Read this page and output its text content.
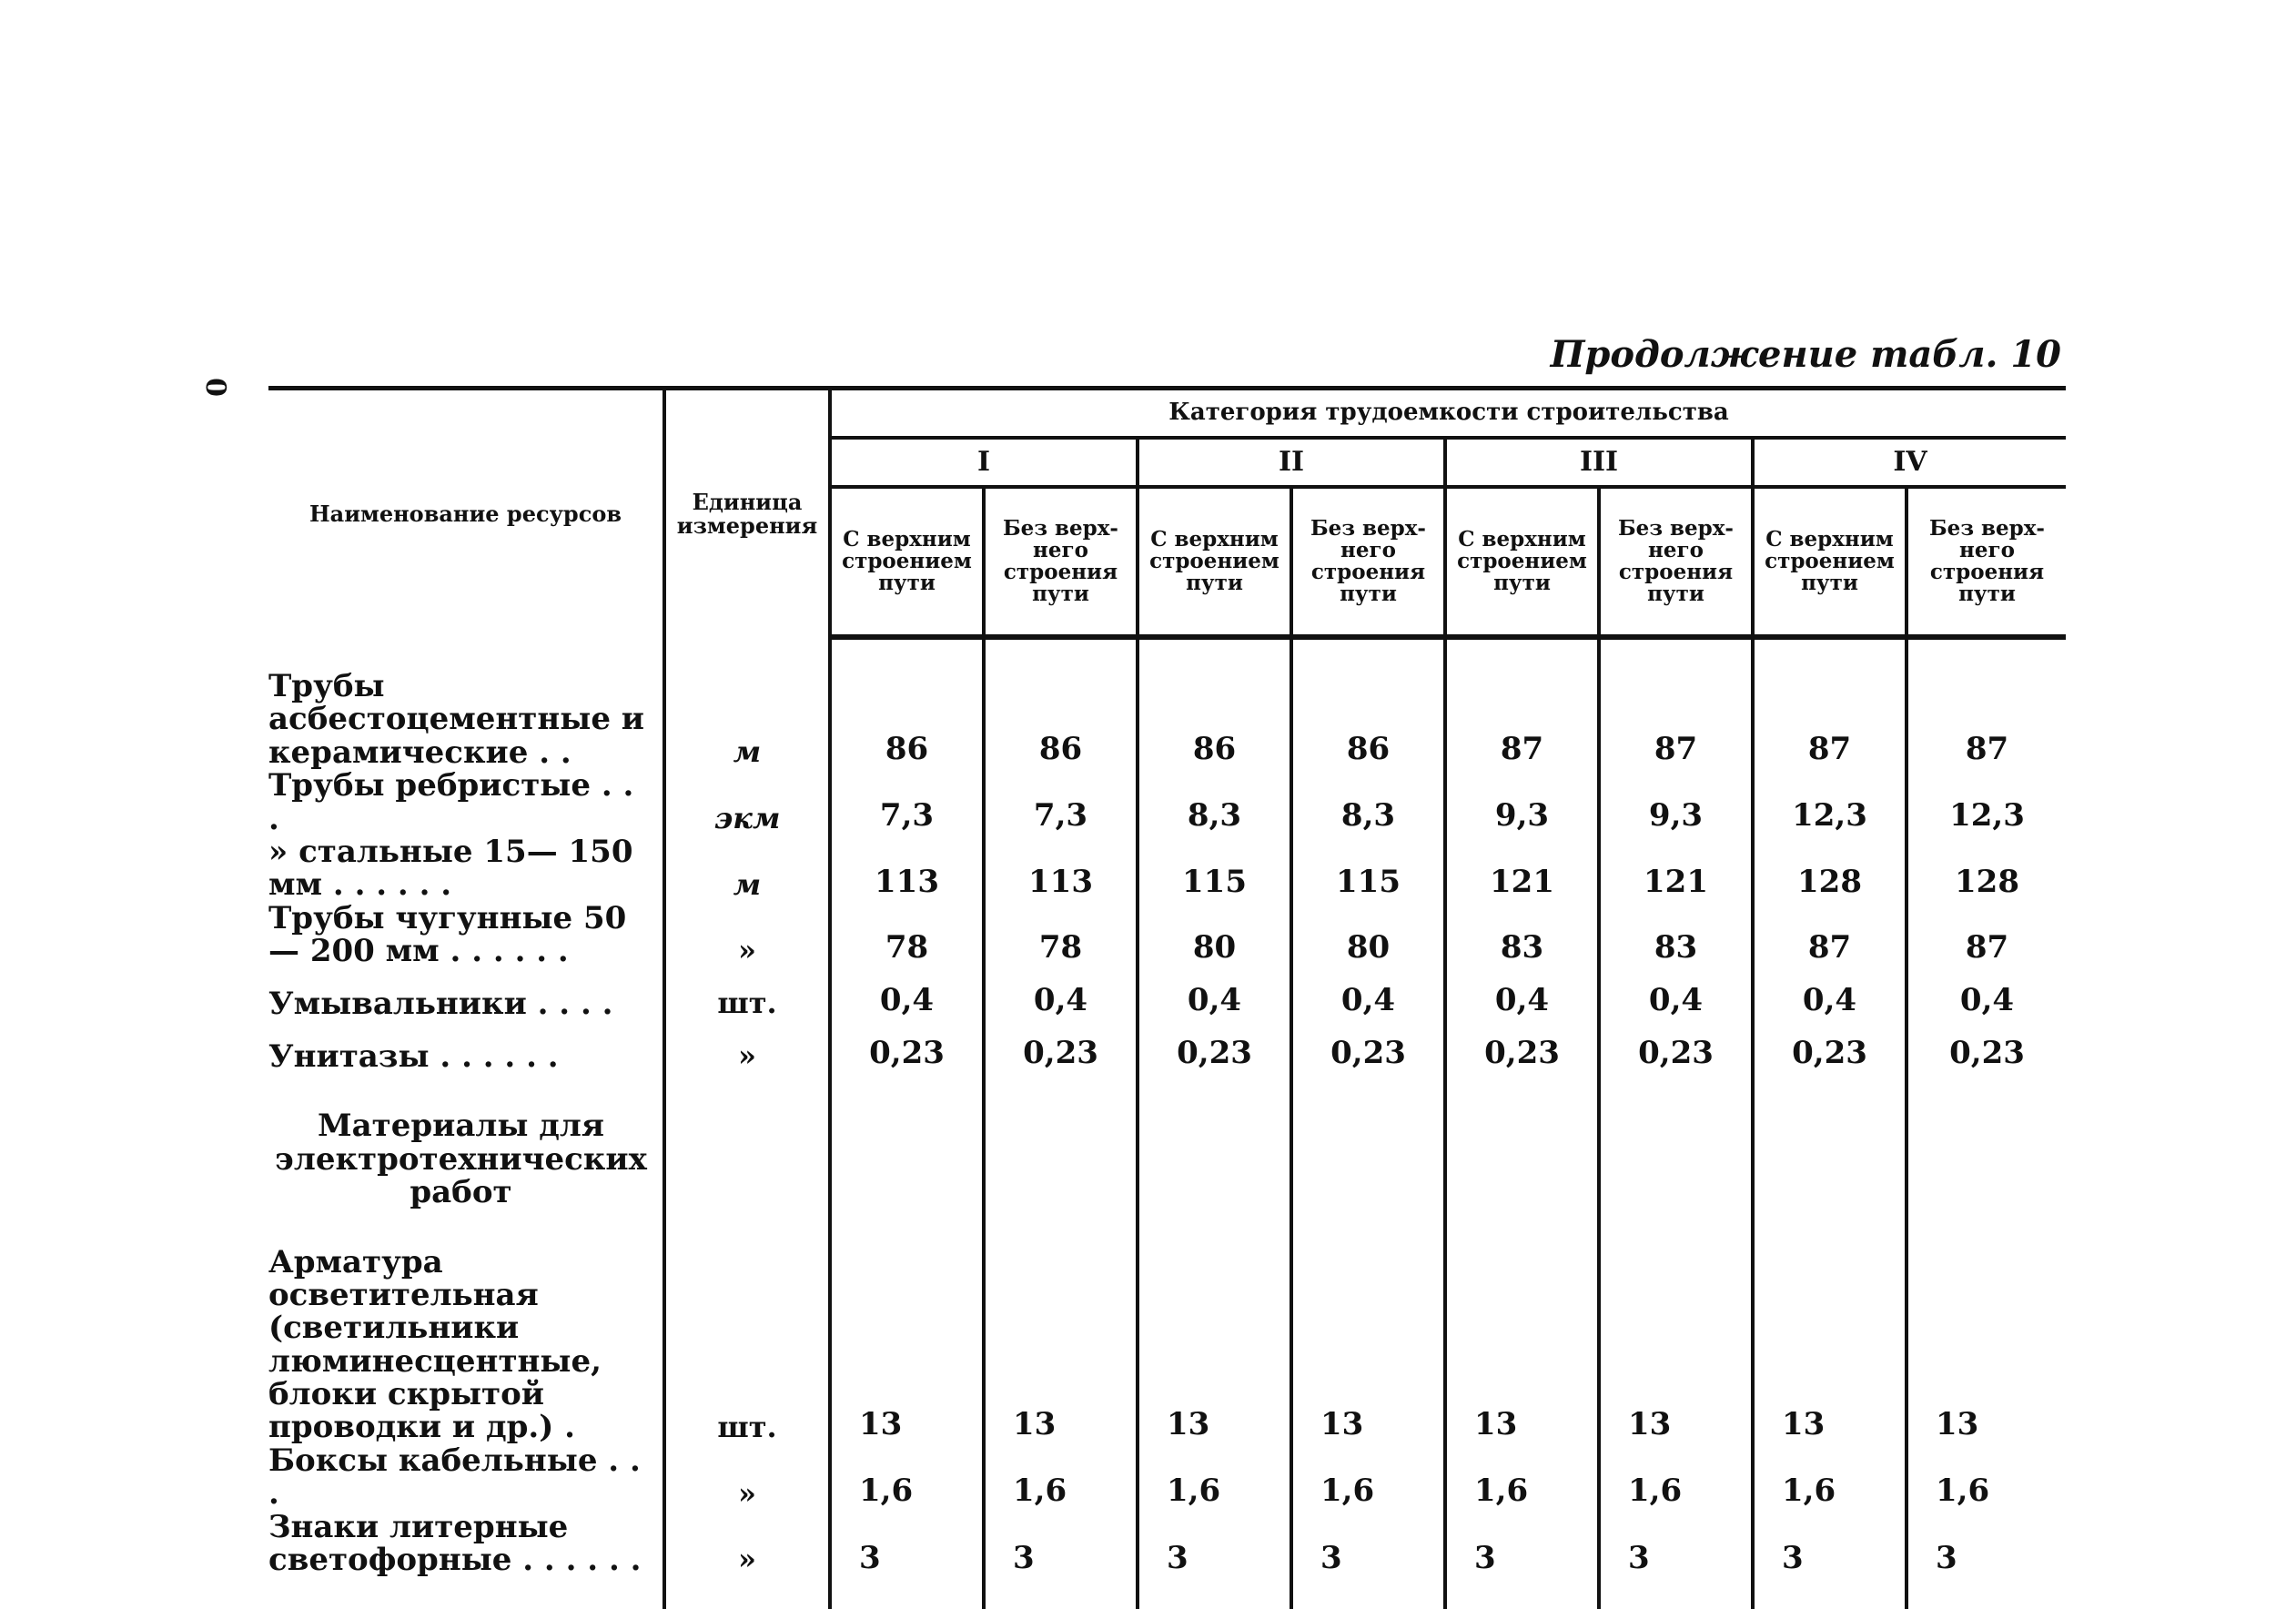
0
Продолжение табл. 10
Наименование ресурсов	Единица измерения	Категория трудоемкости строительства							
		I		II		III		IV	
		С верхним строением пути	Без верх- него строения пути	С верхним строением пути	Без верх- него строения пути	С верхним строением пути	Без верх- него строения пути	С верхним строением пути	Без верх- него строения пути
Трубы асбестоцементные и керамические . .	м	86	86	86	86	87	87	87	87
Трубы ребристые . . .	экм	7,3	7,3	8,3	8,3	9,3	9,3	12,3	12,3
» стальные 15— 150 мм . . . . . .	м	113	113	115	115	121	121	128	128
Трубы чугунные 50— 200 мм . . . . . .	»	78	78	80	80	83	83	87	87
Умывальники . . . .	шт.	0,4	0,4	0,4	0,4	0,4	0,4	0,4	0,4
Унитазы . . . . . .	»	0,23	0,23	0,23	0,23	0,23	0,23	0,23	0,23
Материалы для электротехнических работ									
Арматура осветительная (светильники люминесцентные, блоки скрытой проводки и др.) .	шт.	13	13	13	13	13	13	13	13
Боксы кабельные . . .	»	1,6	1,6	1,6	1,6	1,6	1,6	1,6	1,6
Знаки литерные светофорные . . . . . .	»	3	3	3	3	3	3	3	3
